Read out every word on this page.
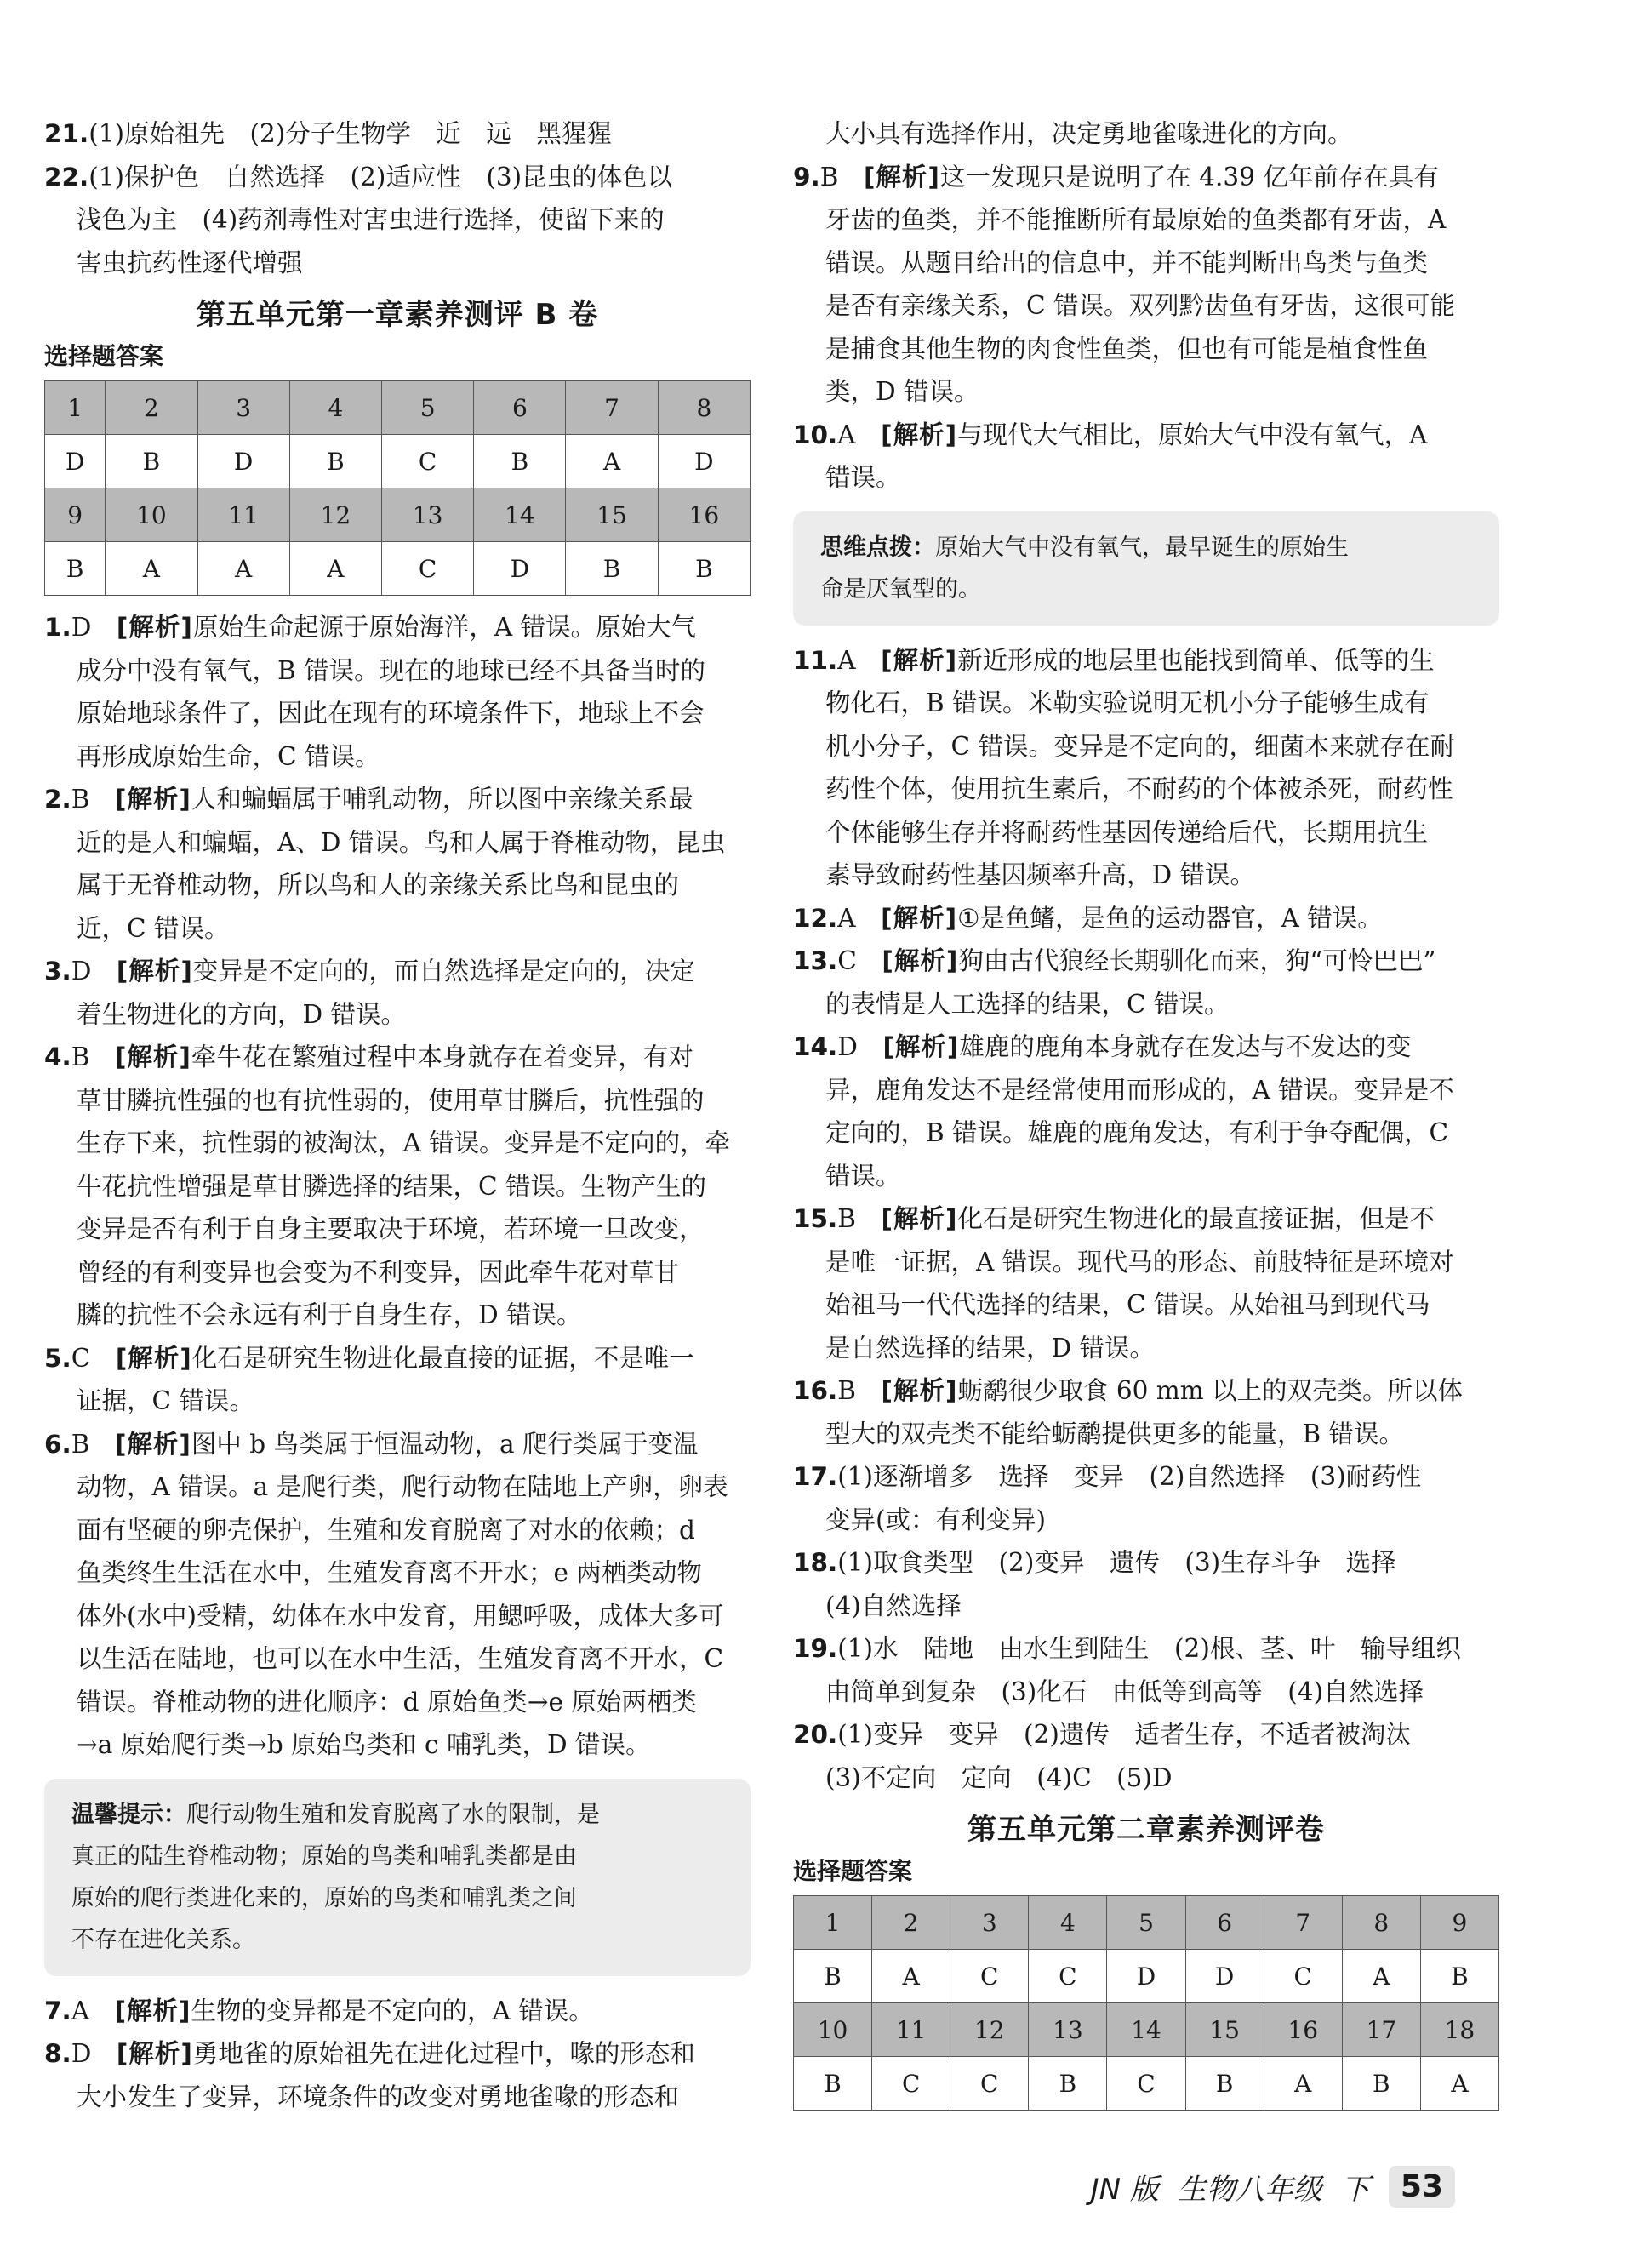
21.(1)原始祖先　(2)分子生物学　近　远　黑猩猩
22.(1)保护色　自然选择　(2)适应性　(3)昆虫的体色以
浅色为主　(4)药剂毒性对害虫进行选择，使留下来的
害虫抗药性逐代增强
第五单元第一章素养测评 B 卷
选择题答案
1	2	3	4	5	6	7	8
D	B	D	B	C	B	A	D
9	10	11	12	13	14	15	16
B	A	A	A	C	D	B	B
1.D　 [解析]原始生命起源于原始海洋，A 错误。原始大气
成分中没有氧气，B 错误。现在的地球已经不具备当时的
原始地球条件了，因此在现有的环境条件下，地球上不会
再形成原始生命，C 错误。
2.B　 [解析]人和蝙蝠属于哺乳动物，所以图中亲缘关系最
近的是人和蝙蝠，A、D 错误。鸟和人属于脊椎动物，昆虫
属于无脊椎动物，所以鸟和人的亲缘关系比鸟和昆虫的
近，C 错误。
3.D　 [解析]变异是不定向的，而自然选择是定向的，决定
着生物进化的方向，D 错误。
4.B　 [解析]牵牛花在繁殖过程中本身就存在着变异，有对
草甘膦抗性强的也有抗性弱的，使用草甘膦后，抗性强的
生存下来，抗性弱的被淘汰，A 错误。变异是不定向的，牵
牛花抗性增强是草甘膦选择的结果，C 错误。生物产生的
变异是否有利于自身主要取决于环境，若环境一旦改变，
曾经的有利变异也会变为不利变异，因此牵牛花对草甘
膦的抗性不会永远有利于自身生存，D 错误。
5.C　 [解析]化石是研究生物进化最直接的证据，不是唯一
证据，C 错误。
6.B　 [解析]图中 b 鸟类属于恒温动物，a 爬行类属于变温
动物，A 错误。a 是爬行类，爬行动物在陆地上产卵，卵表
面有坚硬的卵壳保护，生殖和发育脱离了对水的依赖；d
鱼类终生生活在水中，生殖发育离不开水；e 两栖类动物
体外(水中)受精，幼体在水中发育，用鳃呼吸，成体大多可
以生活在陆地，也可以在水中生活，生殖发育离不开水，C
错误。脊椎动物的进化顺序：d 原始鱼类→e 原始两栖类
→a 原始爬行类→b 原始鸟类和 c 哺乳类，D 错误。
温馨提示：爬行动物生殖和发育脱离了水的限制，是
真正的陆生脊椎动物；原始的鸟类和哺乳类都是由
原始的爬行类进化来的，原始的鸟类和哺乳类之间
不存在进化关系。
7.A　 [解析]生物的变异都是不定向的，A 错误。
8.D　 [解析]勇地雀的原始祖先在进化过程中，喙的形态和
大小发生了变异，环境条件的改变对勇地雀喙的形态和
大小具有选择作用，决定勇地雀喙进化的方向。
9.B　 [解析]这一发现只是说明了在 4.39 亿年前存在具有
牙齿的鱼类，并不能推断所有最原始的鱼类都有牙齿，A
错误。从题目给出的信息中，并不能判断出鸟类与鱼类
是否有亲缘关系，C 错误。双列黔齿鱼有牙齿，这很可能
是捕食其他生物的肉食性鱼类，但也有可能是植食性鱼
类，D 错误。
10.A　 [解析]与现代大气相比，原始大气中没有氧气，A
错误。
思维点拨：原始大气中没有氧气，最早诞生的原始生
命是厌氧型的。
11.A　 [解析]新近形成的地层里也能找到简单、低等的生
物化石，B 错误。米勒实验说明无机小分子能够生成有
机小分子，C 错误。变异是不定向的，细菌本来就存在耐
药性个体，使用抗生素后，不耐药的个体被杀死，耐药性
个体能够生存并将耐药性基因传递给后代，长期用抗生
素导致耐药性基因频率升高，D 错误。
12.A　 [解析]①是鱼鳍，是鱼的运动器官，A 错误。
13.C　 [解析]狗由古代狼经长期驯化而来，狗“可怜巴巴”
的表情是人工选择的结果，C 错误。
14.D　 [解析]雄鹿的鹿角本身就存在发达与不发达的变
异，鹿角发达不是经常使用而形成的，A 错误。变异是不
定向的，B 错误。雄鹿的鹿角发达，有利于争夺配偶，C
错误。
15.B　 [解析]化石是研究生物进化的最直接证据，但是不
是唯一证据，A 错误。现代马的形态、前肢特征是环境对
始祖马一代代选择的结果，C 错误。从始祖马到现代马
是自然选择的结果，D 错误。
16.B　 [解析]蛎鹬很少取食 60 mm 以上的双壳类。所以体
型大的双壳类不能给蛎鹬提供更多的能量，B 错误。
17.(1)逐渐增多　选择　变异　(2)自然选择　(3)耐药性
变异(或：有利变异)
18.(1)取食类型　(2)变异　遗传　(3)生存斗争　选择
(4)自然选择
19.(1)水　陆地　由水生到陆生　(2)根、茎、叶　输导组织
由简单到复杂　(3)化石　由低等到高等　(4)自然选择
20.(1)变异　变异　(2)遗传　适者生存，不适者被淘汰
(3)不定向　定向　(4)C　(5)D
第五单元第二章素养测评卷
选择题答案
1	2	3	4	5	6	7	8	9
B	A	C	C	D	D	C	A	B
10	11	12	13	14	15	16	17	18
B	C	C	B	C	B	A	B	A
JN 版 生物八年级 下	53
